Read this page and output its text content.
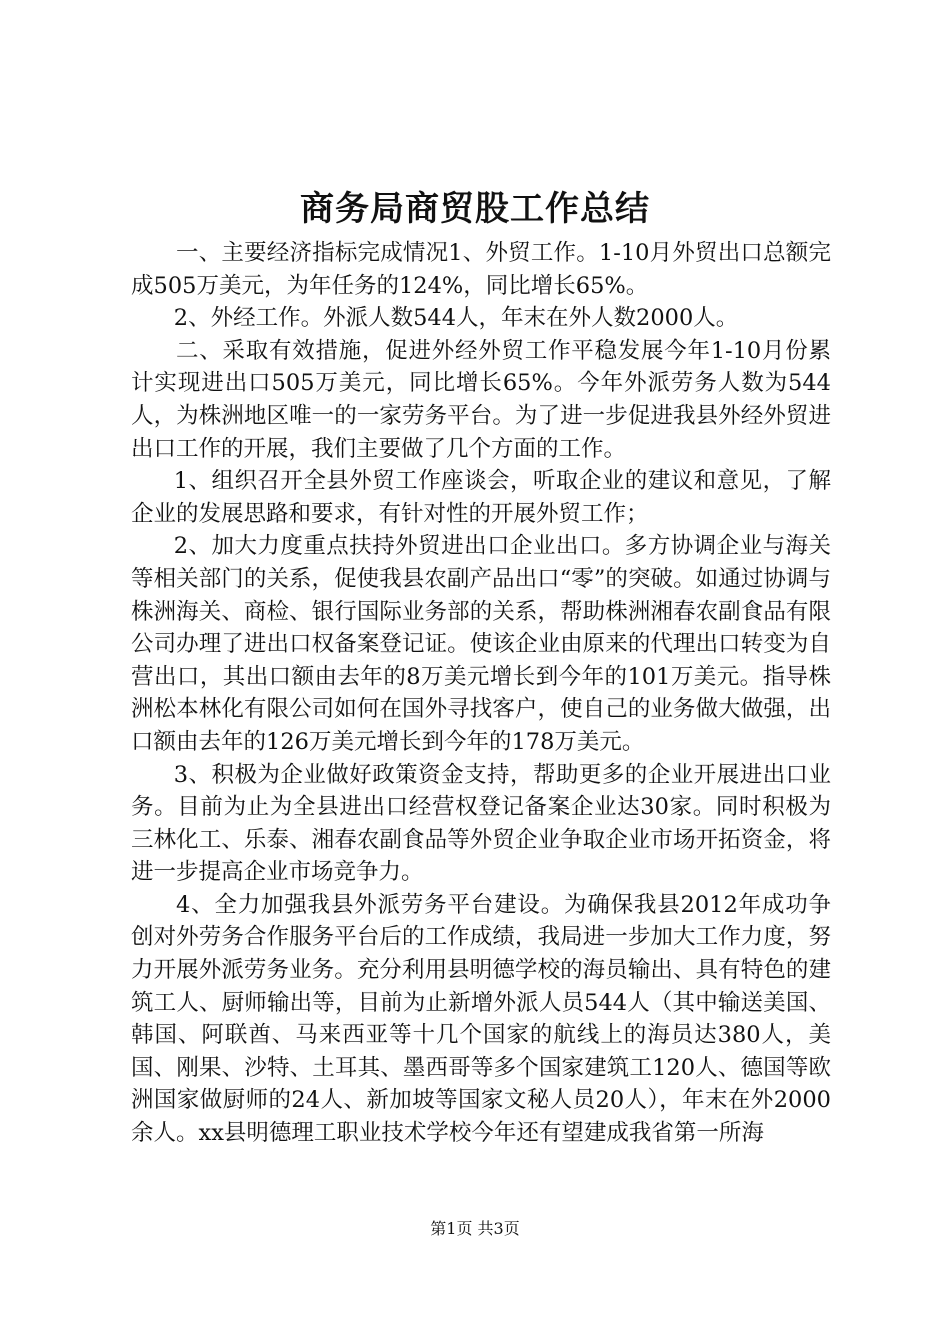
商务局商贸股工作总结

一、主要经济指标完成情况1、外贸工作。1-10月外贸出口总额完成505万美元，为年任务的124%，同比增长65%。

2、外经工作。外派人数544人，年末在外人数2000人。

二、采取有效措施，促进外经外贸工作平稳发展今年1-10月份累计实现进出口505万美元，同比增长65%。今年外派劳务人数为544人，为株洲地区唯一的一家劳务平台。为了进一步促进我县外经外贸进出口工作的开展，我们主要做了几个方面的工作。

1、组织召开全县外贸工作座谈会，听取企业的建议和意见，了解企业的发展思路和要求，有针对性的开展外贸工作；

2、加大力度重点扶持外贸进出口企业出口。多方协调企业与海关等相关部门的关系，促使我县农副产品出口“零”的突破。如通过协调与株洲海关、商检、银行国际业务部的关系，帮助株洲湘春农副食品有限公司办理了进出口权备案登记证。使该企业由原来的代理出口转变为自营出口，其出口额由去年的8万美元增长到今年的101万美元。指导株洲松本林化有限公司如何在国外寻找客户，使自己的业务做大做强，出口额由去年的126万美元增长到今年的178万美元。

3、积极为企业做好政策资金支持，帮助更多的企业开展进出口业务。目前为止为全县进出口经营权登记备案企业达30家。同时积极为三林化工、乐泰、湘春农副食品等外贸企业争取企业市场开拓资金，将进一步提高企业市场竞争力。

4、全力加强我县外派劳务平台建设。为确保我县2012年成功争创对外劳务合作服务平台后的工作成绩，我局进一步加大工作力度，努力开展外派劳务业务。充分利用县明德学校的海员输出、具有特色的建筑工人、厨师输出等，目前为止新增外派人员544人（其中输送美国、韩国、阿联酋、马来西亚等十几个国家的航线上的海员达380人，美国、刚果、沙特、土耳其、墨西哥等多个国家建筑工120人、德国等欧洲国家做厨师的24人、新加坡等国家文秘人员20人），年末在外2000余人。xx县明德理工职业技术学校今年还有望建成我省第一所海

第1页 共3页
